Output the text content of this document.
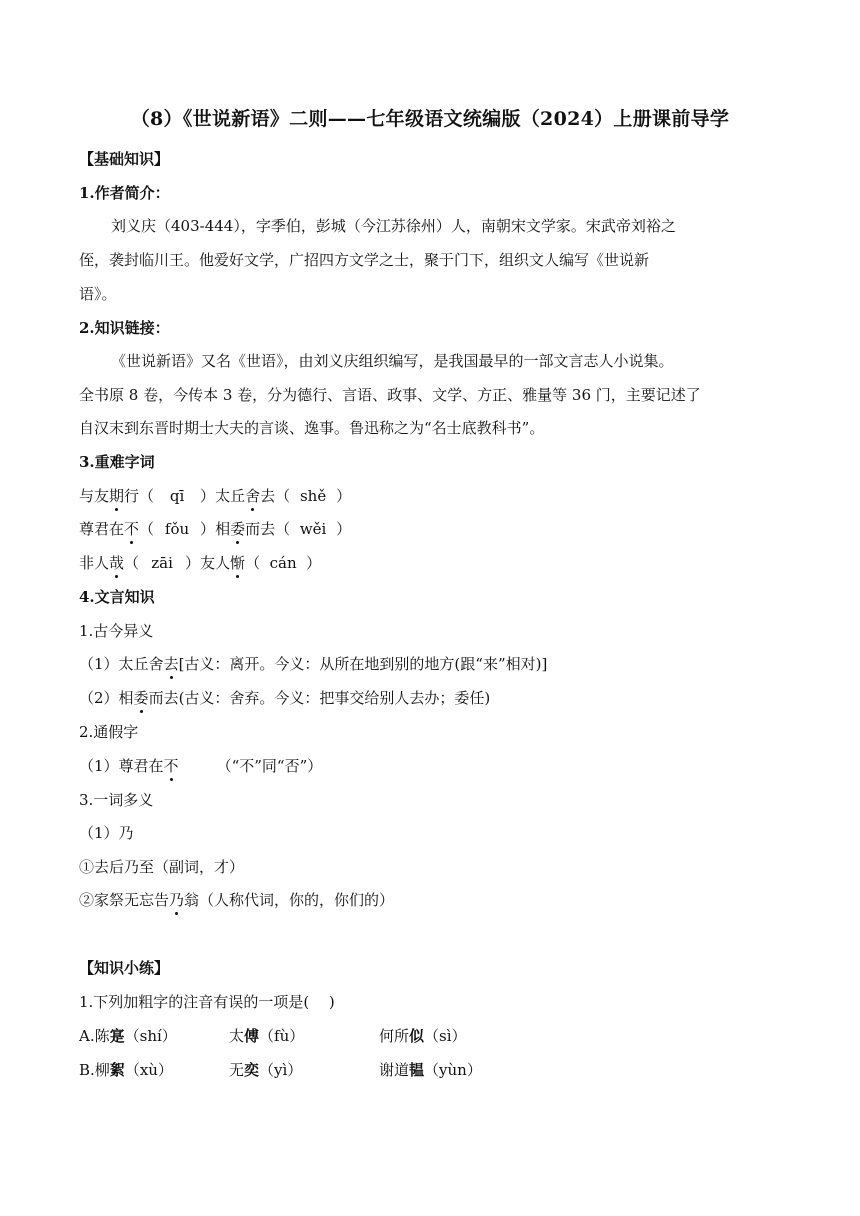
（8）《世说新语》二则——七年级语文统编版（2024）上册课前导学
【基础知识】
1.作者简介：
刘义庆（403-444），字季伯，彭城（今江苏徐州）人，南朝宋文学家。宋武帝刘裕之
侄，袭封临川王。他爱好文学，广招四方文学之士，聚于门下，组织文人编写《世说新
语》。
2.知识链接：
《世说新语》又名《世语》，由刘义庆组织编写，是我国最早的一部文言志人小说集。
全书原 8 卷，今传本 3 卷，分为德行、言语、政事、文学、方正、雅量等 36 门，主要记述了
自汉末到东晋时期士大夫的言谈、逸事。鲁迅称之为“名士底教科书”。
3.重难字词
与友期行（ qī ）太丘舍去（ shě ）
尊君在不（ fǒu ）相委而去（ wěi ）
非人哉（ zāi ）友人惭（ cán ）
4.文言知识
1.古今异义
（1）太丘舍去[古义：离开。今义：从所在地到别的地方(跟“来”相对)]
（2）相委而去(古义：舍弃。今义：把事交给别人去办；委任)
2.通假字
（1）尊君在不	（“不”同“否”）
3.一词多义
（1）乃
①去后乃至（副词，才）
②家祭无忘告乃翁（人称代词，你的，你们的）
【知识小练】
1.下列加粗字的注音有误的一项是(　 )
A.陈寔（shí）	太傅（fù）	何所似（sì）
B.柳絮（xù）	无奕（yì）	谢道韫（yùn）
